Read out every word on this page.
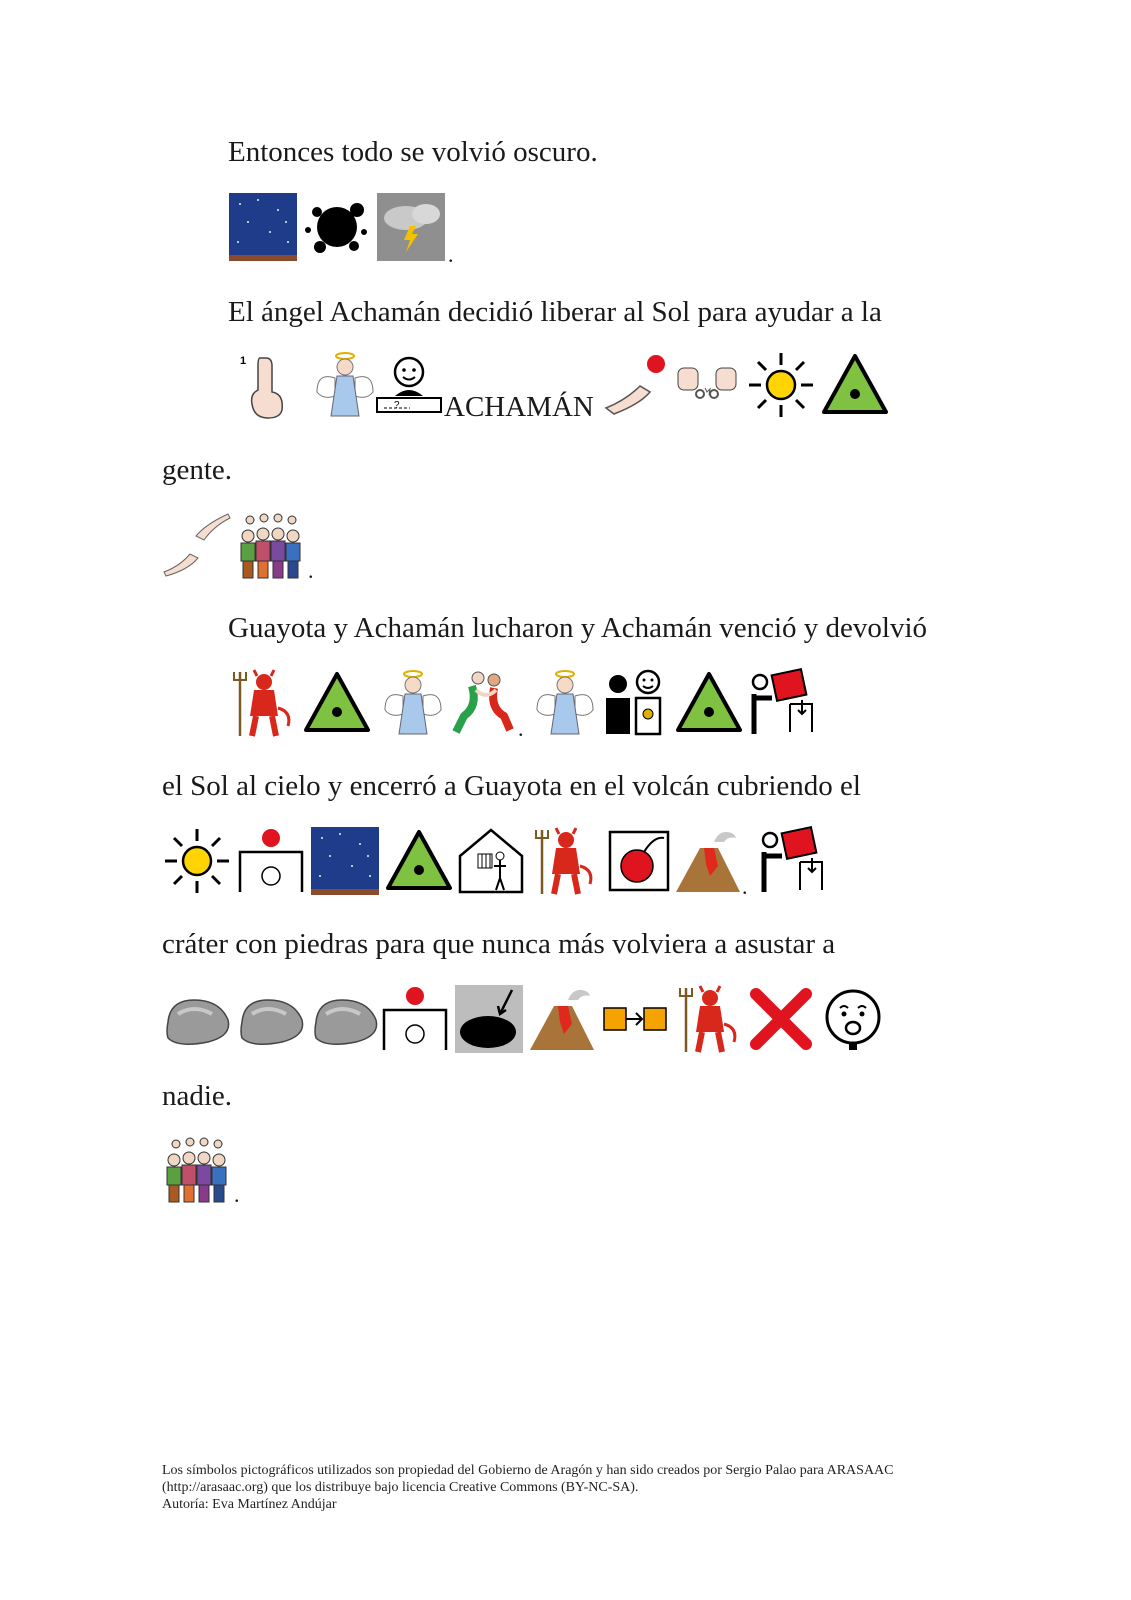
Entonces todo se volvió oscuro.
.
El ángel Achamán decidió liberar al Sol para ayudar a la
ACHAMÁN
gente.
.
Guayota y Achamán lucharon y Achamán venció y devolvió
.
el Sol al cielo y encerró a Guayota en el volcán cubriendo el
.
cráter con piedras para que nunca más volviera a asustar a
nadie.
.
Los símbolos pictográficos utilizados son propiedad del Gobierno de Aragón y han sido creados por Sergio Palao para ARASAAC
(http://arasaac.org) que los distribuye bajo licencia Creative Commons (BY-NC-SA).
Autoría: Eva Martínez Andújar
